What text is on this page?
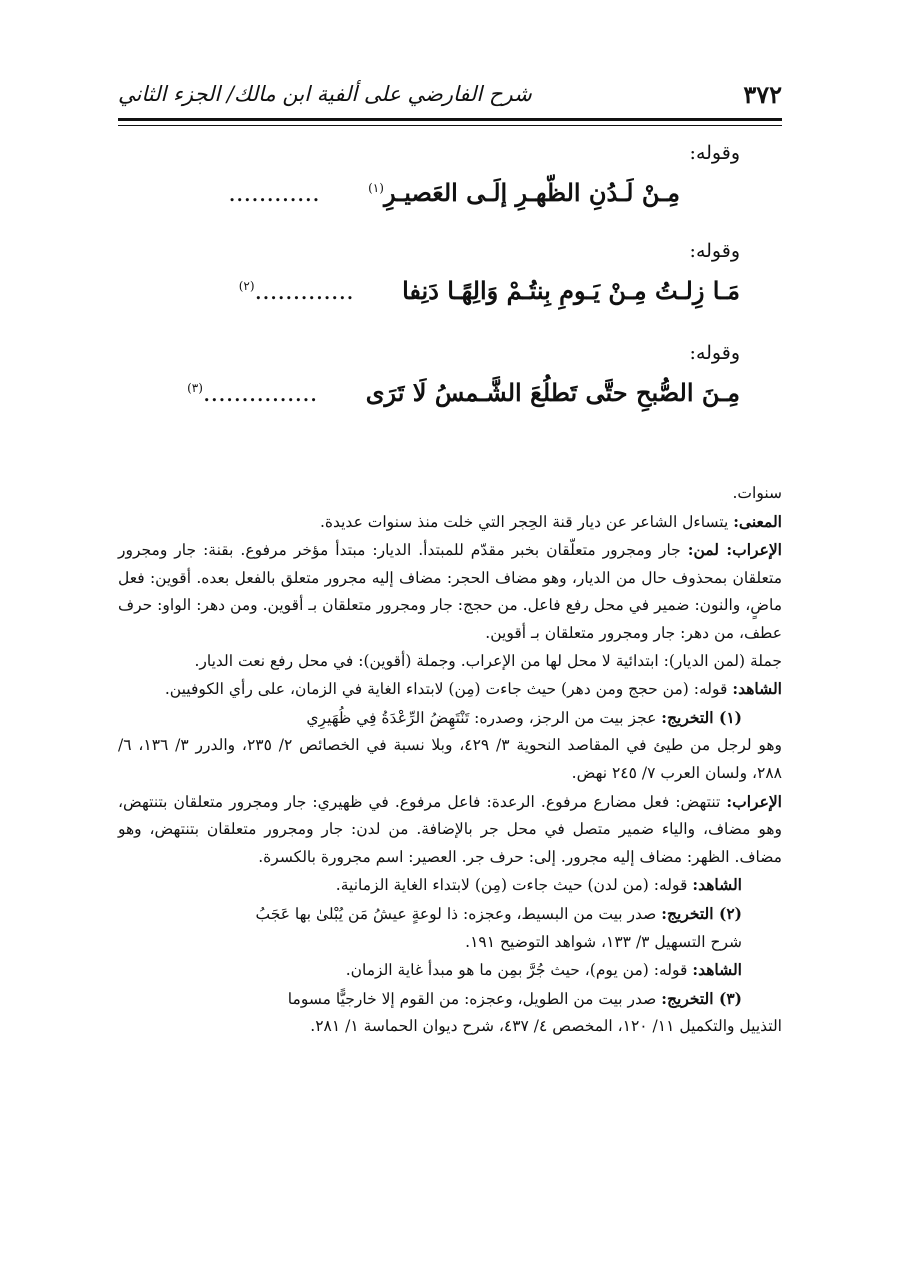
٣٧٢
شرح الفارضي على ألفية ابن مالك/ الجزء الثاني
وقوله:
مِـنْ لَـدُنِ الظّهـرِ إلَـى العَصيـرِ$^{(١)}$ ............
وقوله:
مَـا زِلـتُ مِـنْ يَـومِ بِنتُـمْ وَالِهًـا دَنِفا .............$^{(٢)}$
وقوله:
مِـنَ الصُّبحِ حتَّى تَطلُعَ الشَّـمسُ لَا تَرَى ...............$^{(٣)}$

سنوات.

المعنى: يتساءل الشاعر عن ديار قنة الحِجر التي خلت منذ سنوات عديدة.

الإعراب: لمن: جار ومجرور متعلّقان بخبر مقدّم للمبتدأ. الديار: مبتدأ مؤخر مرفوع. بقنة: جار ومجرور متعلقان بمحذوف حال من الديار، وهو مضاف الحجر: مضاف إليه مجرور متعلق بالفعل بعده. أقوين: فعل ماضٍ، والنون: ضمير في محل رفع فاعل. من حجج: جار ومجرور متعلقان بـ أقوين. ومن دهر: الواو: حرف عطف، من دهر: جار ومجرور متعلقان بـ أقوين.

جملة (لمن الديار): ابتدائية لا محل لها من الإعراب. وجملة (أقوين): في محل رفع نعت الديار.

الشاهد: قوله: (من حجج ومن دهر) حيث جاءت (مِن) لابتداء الغاية في الزمان، على رأي الكوفيين.

(١) التخريج: عجز بيت من الرجز، وصدره: تَنْتَهِضُ الرِّعْدَةُ فِي ظُهَيرِي

وهو لرجل من طيئ في المقاصد النحوية ٣/ ٤٢٩، وبلا نسبة في الخصائص ٢/ ٢٣٥، والدرر ٣/ ١٣٦، ٦/ ٢٨٨، ولسان العرب ٧/ ٢٤٥ نهض.

الإعراب: تنتهض: فعل مضارع مرفوع. الرعدة: فاعل مرفوع. في ظهيري: جار ومجرور متعلقان بتنتهض، وهو مضاف، والياء ضمير متصل في محل جر بالإضافة. من لدن: جار ومجرور متعلقان بتنتهض، وهو مضاف. الظهر: مضاف إليه مجرور. إلى: حرف جر. العصير: اسم مجرورة بالكسرة.

الشاهد: قوله: (من لدن) حيث جاءت (مِن) لابتداء الغاية الزمانية.

(٢) التخريج: صدر بيت من البسيط، وعجزه: ذا لوعةٍ عيشُ مَن يُبْلىٰ بها عَجَبُ

شرح التسهيل ٣/ ١٣٣، شواهد التوضيح ١٩١.

الشاهد: قوله: (من يوم)، حيث جُرَّ بمِن ما هو مبدأ غاية الزمان.

(٣) التخريج: صدر بيت من الطويل، وعجزه: من القوم إلا خارجيًّا مسوما

التذييل والتكميل ١١/ ١٢٠، المخصص ٤/ ٤٣٧، شرح ديوان الحماسة ١/ ٢٨١.
